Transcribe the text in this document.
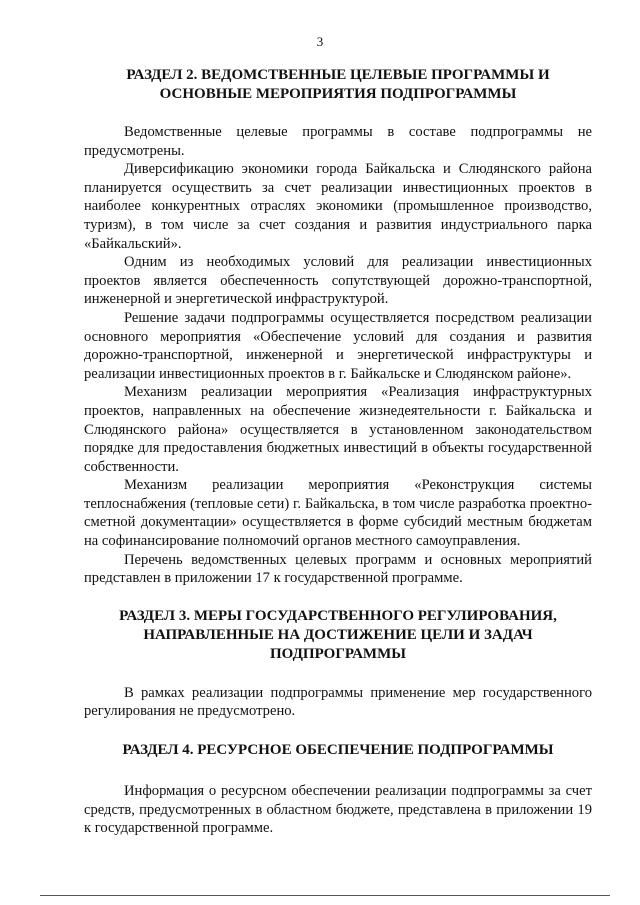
3
РАЗДЕЛ 2. ВЕДОМСТВЕННЫЕ ЦЕЛЕВЫЕ ПРОГРАММЫ И ОСНОВНЫЕ МЕРОПРИЯТИЯ ПОДПРОГРАММЫ

Ведомственные целевые программы в составе подпрограммы не предусмотрены.

Диверсификацию экономики города Байкальска и Слюдянского района планируется осуществить за счет реализации инвестиционных проектов в наиболее конкурентных отраслях экономики (промышленное производство, туризм), в том числе за счет создания и развития индустриального парка «Байкальский».

Одним из необходимых условий для реализации инвестиционных проектов является обеспеченность сопутствующей дорожно-транспортной, инженерной и энергетической инфраструктурой.

Решение задачи подпрограммы осуществляется посредством реализации основного мероприятия «Обеспечение условий для создания и развития дорожно-транспортной, инженерной и энергетической инфраструктуры и реализации инвестиционных проектов в г. Байкальске и Слюдянском районе».

Механизм реализации мероприятия «Реализация инфраструктурных проектов, направленных на обеспечение жизнедеятельности г. Байкальска и Слюдянского района» осуществляется в установленном законодательством порядке для предоставления бюджетных инвестиций в объекты государственной собственности.

Механизм реализации мероприятия «Реконструкция системы теплоснабжения (тепловые сети) г. Байкальска, в том числе разработка проектно-сметной документации» осуществляется в форме субсидий местным бюджетам на софинансирование полномочий органов местного самоуправления.

Перечень ведомственных целевых программ и основных мероприятий представлен в приложении 17 к государственной программе.

РАЗДЕЛ 3. МЕРЫ ГОСУДАРСТВЕННОГО РЕГУЛИРОВАНИЯ, НАПРАВЛЕННЫЕ НА ДОСТИЖЕНИЕ ЦЕЛИ И ЗАДАЧ ПОДПРОГРАММЫ

В рамках реализации подпрограммы применение мер государственного регулирования не предусмотрено.

РАЗДЕЛ 4. РЕСУРСНОЕ ОБЕСПЕЧЕНИЕ ПОДПРОГРАММЫ

Информация о ресурсном обеспечении реализации подпрограммы за счет средств, предусмотренных в областном бюджете, представлена в приложении 19 к государственной программе.
